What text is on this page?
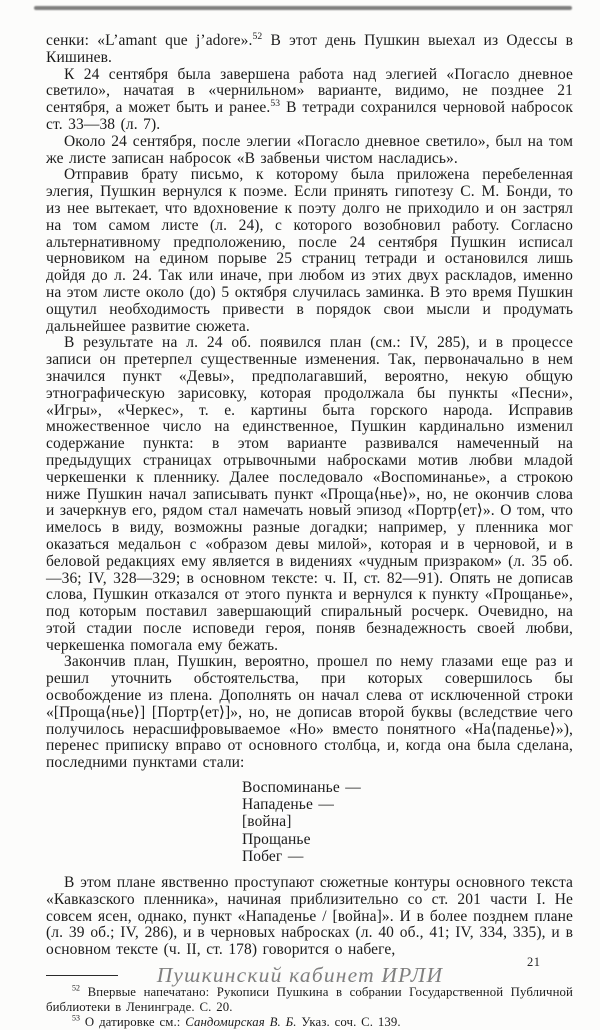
сенки: «L’amant que j’adore».$^{52}$ В этот день Пушкин выехал из Одессы в Кишинев.

К 24 сентября была завершена работа над элегией «Погасло дневное светило», начатая в «чернильном» варианте, видимо, не позднее 21 сентября, а может быть и ранее.$^{53}$ В тетради сохранился черновой набросок ст. 33—38 (л. 7).

Около 24 сентября, после элегии «Погасло дневное светило», был на том же листе записан набросок «В забвеньи чистом насладись».

Отправив брату письмо, к которому была приложена перебеленная элегия, Пушкин вернулся к поэме. Если принять гипотезу С. М. Бонди, то из нее вытекает, что вдохновение к поэту долго не приходило и он застрял на том самом листе (л. 24), с которого возобновил работу. Согласно альтернативному предположению, после 24 сентября Пушкин исписал черновиком на едином порыве 25 страниц тетради и остановился лишь дойдя до л. 24. Так или иначе, при любом из этих двух раскладов, именно на этом листе около (до) 5 октября случилась заминка. В это время Пушкин ощутил необходимость привести в порядок свои мысли и продумать дальнейшее развитие сюжета.

В результате на л. 24 об. появился план (см.: IV, 285), и в процессе записи он претерпел существенные изменения. Так, первоначально в нем значился пункт «Девы», предполагавший, вероятно, некую общую этнографическую зарисовку, которая продолжала бы пункты «Песни», «Игры», «Черкес», т. е. картины быта горского народа. Исправив множественное число на единственное, Пушкин кардинально изменил содержание пункта: в этом варианте развивался намеченный на предыдущих страницах отрывочными набросками мотив любви младой черкешенки к пленнику. Далее последовало «Воспоминанье», а строкою ниже Пушкин начал записывать пункт «Проща⟨нье⟩», но, не окончив слова и зачеркнув его, рядом стал намечать новый эпизод «Портр⟨ет⟩». О том, что имелось в виду, возможны разные догадки; например, у пленника мог оказаться медальон с «образом девы милой», которая и в черновой, и в беловой редакциях ему является в видениях «чудным призраком» (л. 35 об.—36; IV, 328—329; в основном тексте: ч. II, ст. 82—91). Опять не дописав слова, Пушкин отказался от этого пункта и вернулся к пункту «Прощанье», под которым поставил завершающий спиральный росчерк. Очевидно, на этой стадии после исповеди героя, поняв безнадежность своей любви, черкешенка помогала ему бежать.

Закончив план, Пушкин, вероятно, прошел по нему глазами еще раз и решил уточнить обстоятельства, при которых совершилось бы освобождение из плена. Дополнять он начал слева от исключенной строки «[Проща⟨нье⟩] [Портр⟨ет⟩]», но, не дописав второй буквы (вследствие чего получилось нерасшифровываемое «Но» вместо понятного «На⟨паденье⟩»), перенес приписку вправо от основного столбца, и, когда она была сделана, последними пунктами стали:

Воспоминанье —
Нападенье —
[война]
Прощанье
Побег —

В этом плане явственно проступают сюжетные контуры основного текста «Кавказского пленника», начиная приблизительно со ст. 201 части I. Не совсем ясен, однако, пункт «Нападенье / [война]». И в более позднем плане (л. 39 об.; IV, 286), и в черновых набросках (л. 40 об., 41; IV, 334, 335), и в основном тексте (ч. II, ст. 178) говорится о набеге,

$^{52}$ Впервые напечатано: Рукописи Пушкина в собрании Государственной Публичной библиотеки в Ленинграде. С. 20.

$^{53}$ О датировке см.: Сандомирская В. Б. Указ. соч. С. 139.

21
Пушкинский кабинет ИРЛИ
